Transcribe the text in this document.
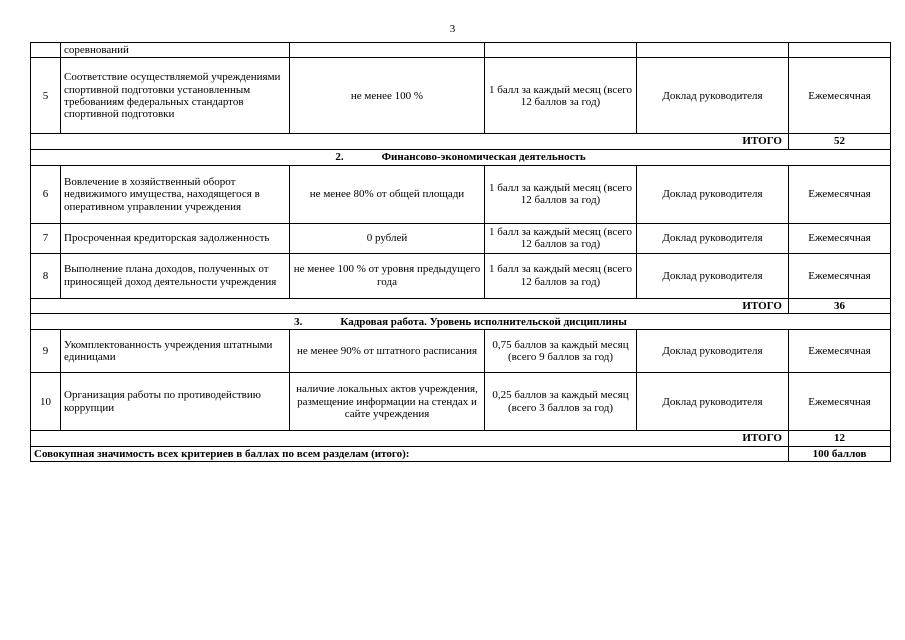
3
	соревнований				
5	Соответствие осуществляемой учреждениями спортивной подготовки установленным требованиям федеральных стандартов спортивной подготовки	не менее 100 %	1 балл за каждый месяц (всего 12 баллов за год)	Доклад руководителя	Ежемесячная
ИТОГО					52
2. Финансово-экономическая деятельность					
6	Вовлечение в хозяйственный оборот недвижимого имущества, находящегося в оперативном управлении учреждения	не менее 80% от общей площади	1 балл за каждый месяц (всего 12 баллов за год)	Доклад руководителя	Ежемесячная
7	Просроченная кредиторская задолженность	0 рублей	1 балл за каждый месяц (всего 12 баллов за год)	Доклад руководителя	Ежемесячная
8	Выполнение плана доходов, полученных от приносящей доход деятельности учреждения	не менее 100 % от уровня предыдущего года	1 балл за каждый месяц (всего 12 баллов за год)	Доклад руководителя	Ежемесячная
ИТОГО					36
3. Кадровая работа. Уровень исполнительской дисциплины					
9	Укомплектованность учреждения штатными единицами	не менее 90% от штатного расписания	0,75 баллов за каждый месяц (всего 9 баллов за год)	Доклад руководителя	Ежемесячная
10	Организация работы по противодействию коррупции	наличие локальных актов учреждения, размещение информации на стендах и сайте учреждения	0,25 баллов за каждый месяц (всего 3 баллов за год)	Доклад руководителя	Ежемесячная
ИТОГО					12
Совокупная значимость всех критериев в баллах по всем разделам (итого):					100 баллов
